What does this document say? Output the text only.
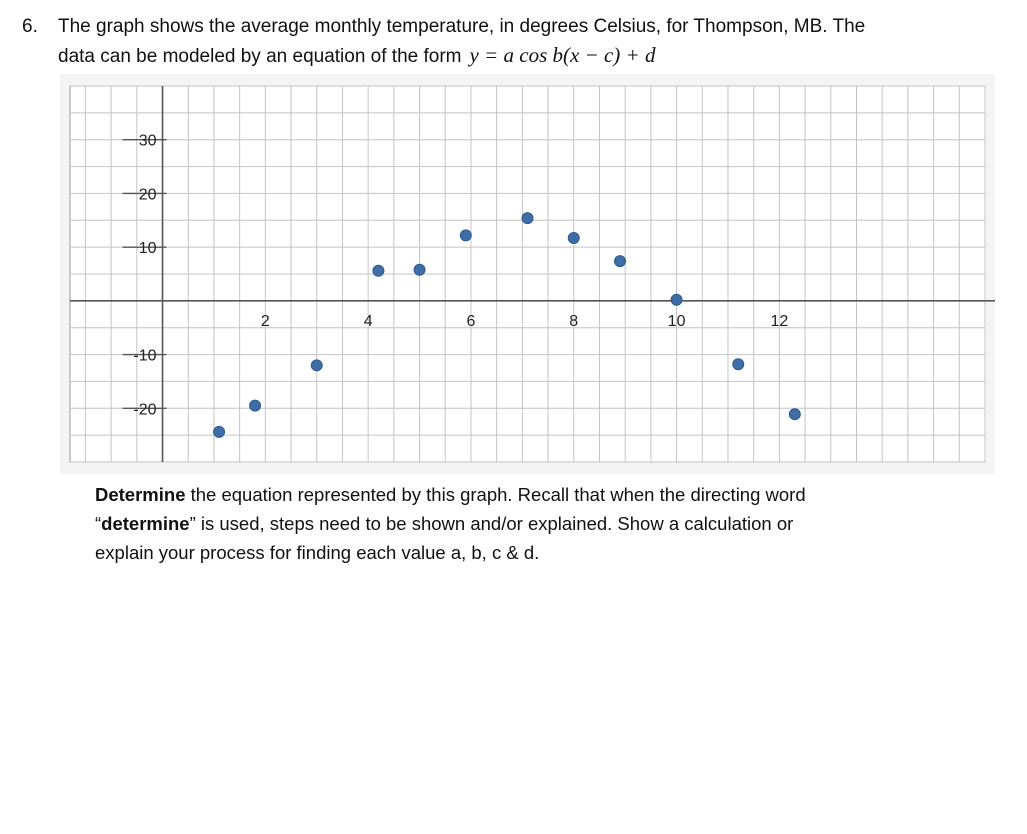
6.	The graph shows the average monthly temperature, in degrees Celsius, for Thompson, MB. The
data can be modeled by an equation of the form y = a cos b(x − c) + d
2	4	6	8	10	12
30
20
10
-10
-20
Determine the equation represented by this graph. Recall that when the directing word
“determine” is used, steps need to be shown and/or explained. Show a calculation or
explain your process for finding each value a, b, c & d.
